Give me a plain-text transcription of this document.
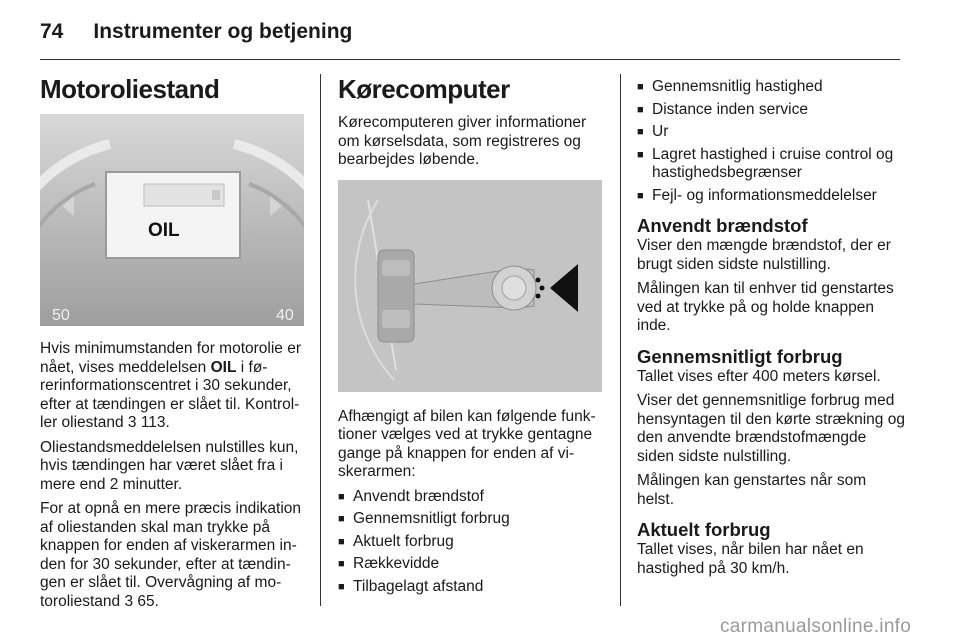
74 Instrumenter og betjening
Motoroliestand
OIL
50	40

Hvis minimumstanden for motorolie er nået, vises meddelelsen OIL i førerinformationscentret i 30 sekunder, efter at tændingen er slået til. Kontroller oliestand 3 113.

Oliestandsmeddelelsen nulstilles kun, hvis tændingen har været slået fra i mere end 2 minutter.

For at opnå en mere præcis indikation af oliestanden skal man trykke på knappen for enden af viskerarmen inden for 30 sekunder, efter at tændingen er slået til. Overvågning af motoroliestand 3 65.

Kørecomputer

Kørecomputeren giver informationer om kørselsdata, som registreres og bearbejdes løbende.

Afhængigt af bilen kan følgende funktioner vælges ved at trykke gentagne gange på knappen for enden af viskerarmen:

■ Anvendt brændstof
■ Gennemsnitligt forbrug
■ Aktuelt forbrug
■ Rækkevidde
■ Tilbagelagt afstand
■ Gennemsnitlig hastighed
■ Distance inden service
■ Ur
■ Lagret hastighed i cruise control og hastighedsbegrænser
■ Fejl- og informationsmeddelelser
Anvendt brændstof

Viser den mængde brændstof, der er brugt siden sidste nulstilling.

Målingen kan til enhver tid genstartes ved at trykke på og holde knappen inde.

Gennemsnitligt forbrug

Tallet vises efter 400 meters kørsel.

Viser det gennemsnitlige forbrug med hensyntagen til den kørte strækning og den anvendte brændstofmængde siden sidste nulstilling.

Målingen kan genstartes når som helst.

Aktuelt forbrug

Tallet vises, når bilen har nået en hastighed på 30 km/h.

carmanualsonline.info
